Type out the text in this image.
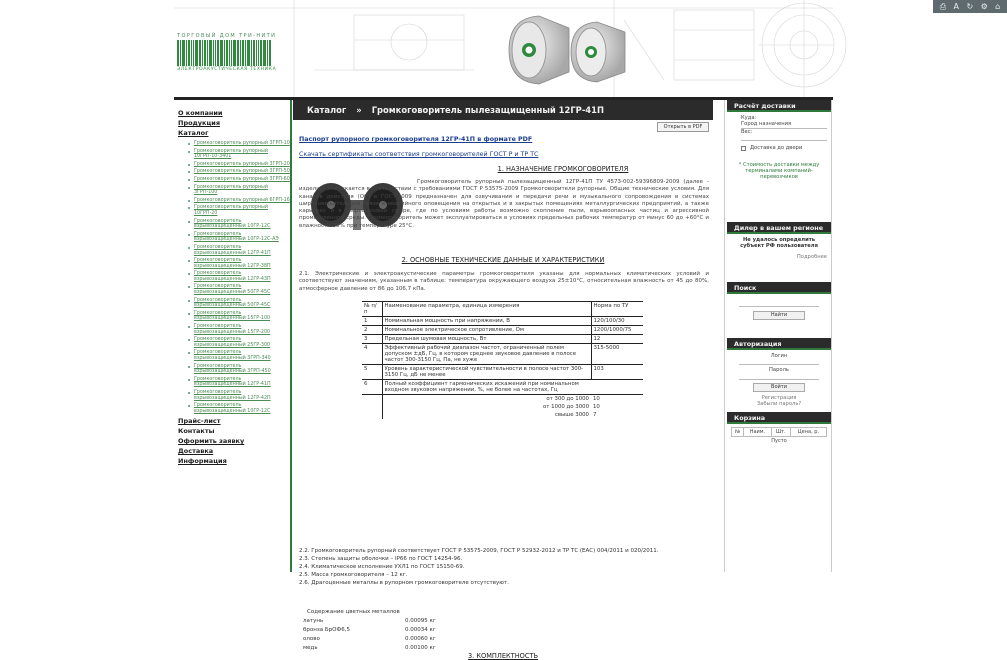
⎙ A ↻ ⚙ ⌂
ТОРГОВЫЙ ДОМ ТРИ-НИТИ
ЭЛЕКТРОАКУСТИЧЕСКАЯ ТЕХНИКА
О компании
Продукция
Каталог
Громкоговоритель рупорный 3ГРП-10
Громкоговоритель рупорный 10ГРП-10-3401
Громкоговоритель рупорный 3ГРП-20
Громкоговоритель рупорный 3ГРП-50
Громкоговоритель рупорный 3ГРП-60
Громкоговоритель рупорный 3ГРП-100
Громкоговоритель рупорный 6ГРП-16
Громкоговоритель рупорный 10ГРП-20
Громкоговоритель взрывозащищенный 10ГР-12С
Громкоговоритель взрывозащищенный 10ГР-12С-АЭ
Громкоговоритель взрывозащищенный 12ГР-41П
Громкоговоритель взрывозащищенный 12ГР-38П
Громкоговоритель взрывозащищенный 12ГР-43П
Громкоговоритель взрывозащищенный 50ГР-45С
Громкоговоритель взрывозащищенный 50ГР-45С
Громкоговоритель взрывозащищенный 15ГР-100
Громкоговоритель взрывозащищенный 15ГР-200
Громкоговоритель взрывозащищенный 25ГР-300
Громкоговоритель взрывозащищенный 3ГРП-340
Громкоговоритель взрывозащищенный 3ГРП-450
Громкоговоритель взрывозащищенный 12ГР-41П
Громкоговоритель взрывозащищенный 12ГР-42П
Громкоговоритель взрывозащищенный 10ГР-12С
Прайс-лист
Контакты
Оформить заявку
Доставка
Информация
Каталог » Громкоговоритель пылезащищенный 12ГР-41П
Открыть в PDF
Паспорт рупорного громкоговорителя 12ГР-41П в формате PDF
Скачать сертификаты соответствия громкоговорителей ГОСТ Р и ТР ТС
1. НАЗНАЧЕНИЕ ГРОМКОГОВОРИТЕЛЯ
Громкоговоритель рупорный пылезащищенный 12ГР-41П ТУ 4573-002-59396809-2009 (далее - изделие) выпускается в соответствии с требованиями ГОСТ Р 53575-2009 Громкоговорители рупорные. Общие технические условия. Для каналов действия (ОС) в ГОСТ-2009 предназначен для озвучивания и передачи речи и музыкального сопровождения в системах широковещательной связи и аварийного оповещения на открытых и в закрытых помещениях металлургических предприятий, а также карьерах и в нефтегазовой сфере, где по условиям работы возможно скопление пыли, взрывоопасных частиц и агрессивной промышленной среды. Громкоговоритель может эксплуатироваться в условиях предельных рабочих температур от минус 60 до +60°C и влажности 98% при температуре 25°C.
2. ОСНОВНЫЕ ТЕХНИЧЕСКИЕ ДАННЫЕ И ХАРАКТЕРИСТИКИ
2.1. Электрические и электроакустические параметры громкоговорителя указаны для нормальных климатических условий и соответствуют значениям, указанным в таблице: температура окружающего воздуха 25±10°С, относительная влажность от 45 до 80%, атмосферное давление от 86 до 106,7 кПа.
№ п/п	Наименование параметра, единица измерения	Норма по ТУ
1	Номинальная мощность при напряжении, В	120/100/30
2	Номинальное электрическое сопротивление, Ом	1200/1000/75
3	Предельная шумовая мощность, Вт	12
4	Эффективный рабочий диапазон частот, ограниченный полем допуском ±дБ, Гц, в котором среднее звуковое давление в полосе частот 300-3150 Гц, Па, не хуже	315-5000
5	Уровень характеристической чувствительности в полосе частот 300-3150 Гц, дБ не менее	103
6	Полный коэффициент гармонических искажений при номинальном входном звуковом напряжении, %, не более на частотах, Гц	
	от 300 до 1000	10
	от 1000 до 3000	10
	свыше 3000	7
2.2. Громкоговоритель рупорный соответствует ГОСТ Р 53575-2009, ГОСТ Р 52932-2012 и ТР ТС (ЕАС) 004/2011 и 020/2011.
2.3. Степень защиты оболочки – IP66 по ГОСТ 14254-96.
2.4. Климатическое исполнение УХЛ1 по ГОСТ 15150-69.
2.5. Масса громкоговорителя – 12 кг.
2.6. Драгоценные металлы в рупорном громкоговорителе отсутствуют.
Содержание цветных металлов
латунь	0.00095 кг
бронза БрОФ6,5	0.00034 кг
олово	0.00060 кг
медь	0.00100 кг
3. КОМПЛЕКТНОСТЬ
Расчёт доставки
Куда:
Город назначения
Вес:
Доставка до двери
* Стоимость доставки между терминалами компаний-перевозчиков
Дилер в вашем регионе
Не удалось определить субъект РФ пользователя
Подробнее
Поиск
Найти
Авторизация
Логин
Пароль
Войти
Регистрация
Забыли пароль?
Корзина
№	Наим.	Шт.	Цена, р.
Пусто
